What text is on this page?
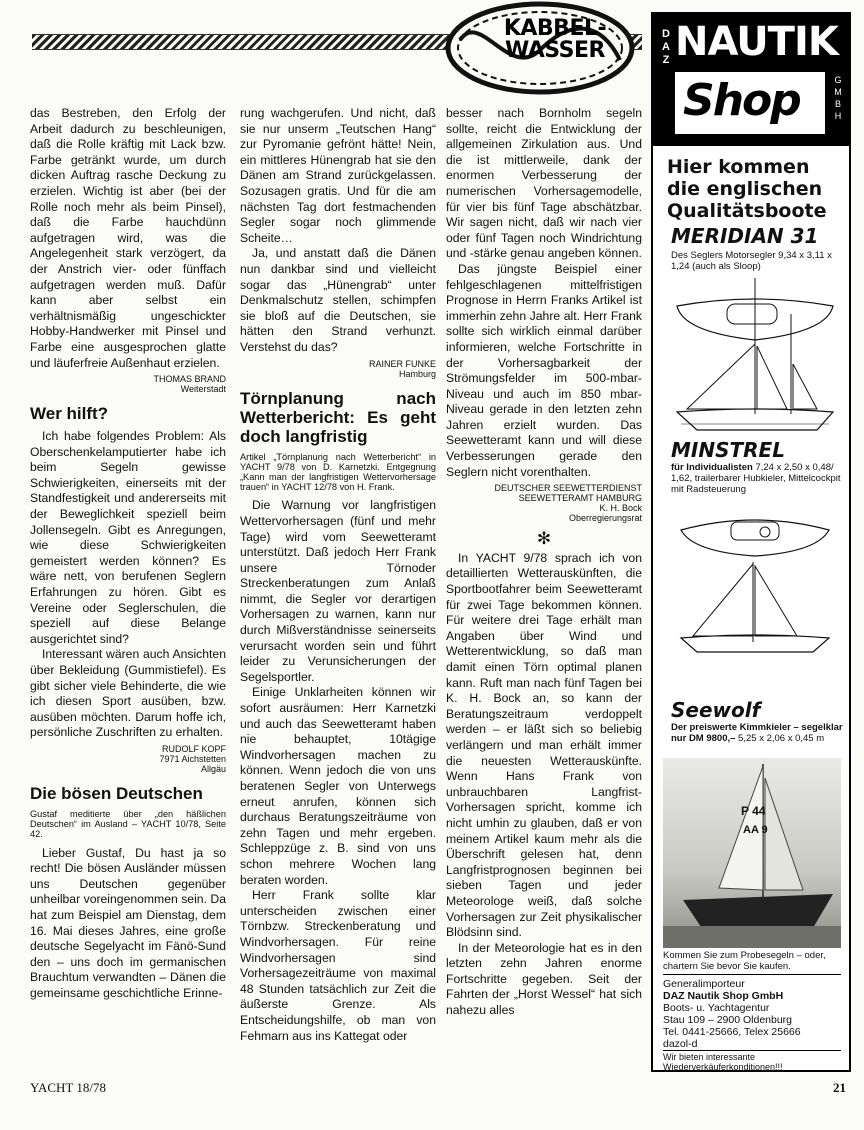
KABBEL-
WASSER

das Bestreben, den Erfolg der Arbeit dadurch zu beschleunigen, daß die Rolle kräftig mit Lack bzw. Farbe getränkt wurde, um durch dicken Auftrag rasche Deckung zu erzielen. Wichtig ist aber (bei der Rolle noch mehr als beim Pinsel), daß die Farbe hauchdünn aufgetragen wird, was die Angelegenheit stark verzögert, da der Anstrich vier- oder fünffach aufgetragen werden muß. Dafür kann aber selbst ein verhältnismäßig ungeschickter Hobby-Handwerker mit Pinsel und Farbe eine ausgesprochen glatte und läuferfreie Außenhaut erzielen.

THOMAS BRAND
Weiterstadt
Wer hilft?

Ich habe folgendes Problem: Als Oberschenkelamputierter habe ich beim Segeln gewisse Schwierigkeiten, einerseits mit der Standfestigkeit und andererseits mit der Beweglichkeit speziell beim Jollensegeln. Gibt es Anregungen, wie diese Schwierigkeiten gemeistert werden können? Es wäre nett, von berufenen Seglern Erfahrungen zu hören. Gibt es Vereine oder Seglerschulen, die speziell auf diese Belange ausgerichtet sind?

Interessant wären auch Ansichten über Bekleidung (Gummistiefel). Es gibt sicher viele Behinderte, die wie ich diesen Sport ausüben, bzw. ausüben möchten. Darum hoffe ich, persönliche Zuschriften zu erhalten.

RUDOLF KOPF
7971 Aichstetten
Allgäu
Die bösen Deutschen
Gustaf meditierte über „den häßlichen Deutschen“ im Ausland – YACHT 10/78, Seite 42.

Lieber Gustaf, Du hast ja so recht! Die bösen Ausländer müssen uns Deutschen gegenüber unheilbar voreingenommen sein. Da hat zum Beispiel am Dienstag, dem 16. Mai dieses Jahres, eine große deutsche Segelyacht im Fänö-Sund den – uns doch im germanischen Brauchtum verwandten – Dänen die gemeinsame geschichtliche Erinne-

rung wachgerufen. Und nicht, daß sie nur unserm „Teutschen Hang“ zur Pyromanie gefrönt hätte! Nein, ein mittleres Hünengrab hat sie den Dänen am Strand zurückgelassen. Sozusagen gratis. Und für die am nächsten Tag dort festmachenden Segler sogar noch glimmende Scheite…

Ja, und anstatt daß die Dänen nun dankbar sind und vielleicht sogar das „Hünengrab“ unter Denkmalschutz stellen, schimpfen sie bloß auf die Deutschen, sie hätten den Strand verhunzt. Verstehst du das?

RAINER FUNKE
Hamburg
Törnplanung nach Wetterbericht: Es geht doch langfristig
Artikel „Törnplanung nach Wetterbericht“ in YACHT 9/78 von D. Karnetzki. Entgegnung „Kann man der langfristigen Wettervorhersage trauen“ in YACHT 12/78 von H. Frank.

Die Warnung vor langfristigen Wettervorhersagen (fünf und mehr Tage) wird vom Seewetteramt unterstützt. Daß jedoch Herr Frank unsere Törnoder Streckenberatungen zum Anlaß nimmt, die Segler vor derartigen Vorhersagen zu warnen, kann nur durch Mißverständnisse seinerseits verursacht worden sein und führt leider zu Verunsicherungen der Segelsportler.

Einige Unklarheiten können wir sofort ausräumen: Herr Karnetzki und auch das Seewetteramt haben nie behauptet, 10tägige Windvorhersagen machen zu können. Wenn jedoch die von uns beratenen Segler von Unterwegs erneut anrufen, können sich durchaus Beratungszeiträume von zehn Tagen und mehr ergeben. Schleppzüge z. B. sind von uns schon mehrere Wochen lang beraten worden.

Herr Frank sollte klar unterscheiden zwischen einer Törnbzw. Streckenberatung und Windvorhersagen. Für reine Windvorhersagen sind Vorhersagezeiträume von maximal 48 Stunden tatsächlich zur Zeit die äußerste Grenze. Als Entscheidungshilfe, ob man von Fehmarn aus ins Kattegat oder

besser nach Bornholm segeln sollte, reicht die Entwicklung der allgemeinen Zirkulation aus. Und die ist mittlerweile, dank der enormen Verbesserung der numerischen Vorhersagemodelle, für vier bis fünf Tage abschätzbar. Wir sagen nicht, daß wir nach vier oder fünf Tagen noch Windrichtung und -stärke genau angeben können.

Das jüngste Beispiel einer fehlgeschlagenen mittelfristigen Prognose in Herrn Franks Artikel ist immerhin zehn Jahre alt. Herr Frank sollte sich wirklich einmal darüber informieren, welche Fortschritte in der Vorhersagbarkeit der Strömungsfelder im 500-mbar-Niveau und auch im 850 mbar-Niveau gerade in den letzten zehn Jahren erzielt wurden. Das Seewetteramt kann und will diese Verbesserungen gerade den Seglern nicht vorenthalten.

DEUTSCHER SEEWETTERDIENST
SEEWETTERAMT HAMBURG
K. H. Bock
Oberregierungsrat
✻

In YACHT 9/78 sprach ich von detaillierten Wetterauskünften, die Sportbootfahrer beim Seewetteramt für zwei Tage bekommen können. Für weitere drei Tage erhält man Angaben über Wind und Wetterentwicklung, so daß man damit einen Törn optimal planen kann. Ruft man nach fünf Tagen bei K. H. Bock an, so kann der Beratungszeitraum verdoppelt werden – er läßt sich so beliebig verlängern und man erhält immer die neuesten Wetterauskünfte. Wenn Hans Frank von unbrauchbaren Langfrist-Vorhersagen spricht, komme ich nicht umhin zu glauben, daß er von meinem Artikel kaum mehr als die Überschrift gelesen hat, denn Langfristprognosen beginnen bei sieben Tagen und jeder Meteorologe weiß, daß solche Vorhersagen zur Zeit physikalischer Blödsinn sind.

In der Meteorologie hat es in den letzten zehn Jahren enorme Fortschritte gegeben. Seit der Fahrten der „Horst Wessel“ hat sich nahezu alles

D
A
Z NAUTIK
Shop	G
M
B
H
Hier kommen die englischen Qualitätsboote
MERIDIAN 31
Des Seglers Motorsegler 9,34 x 3,11 x 1,24 (auch als Sloop)
MINSTREL
für Individualisten 7,24 x 2,50 x 0,48/ 1,62, trailerbarer Hubkieler, Mittelcockpit mit Radsteuerung
Seewolf
Der preiswerte Kimmkieler – segelklar nur DM 9800,– 5,25 x 2,06 x 0,45 m
P 44
AA 9
Kommen Sie zum Probesegeln – oder, chartern Sie bevor Sie kaufen.
Generalimporteur
DAZ Nautik Shop GmbH
Boots- u. Yachtagentur
Stau 109 – 2900 Oldenburg
Tel. 0441-25666, Telex 25666
dazol-d
Wir bieten interessante Wiederverkäuferkonditionen!!!
YACHT 18/78	21
